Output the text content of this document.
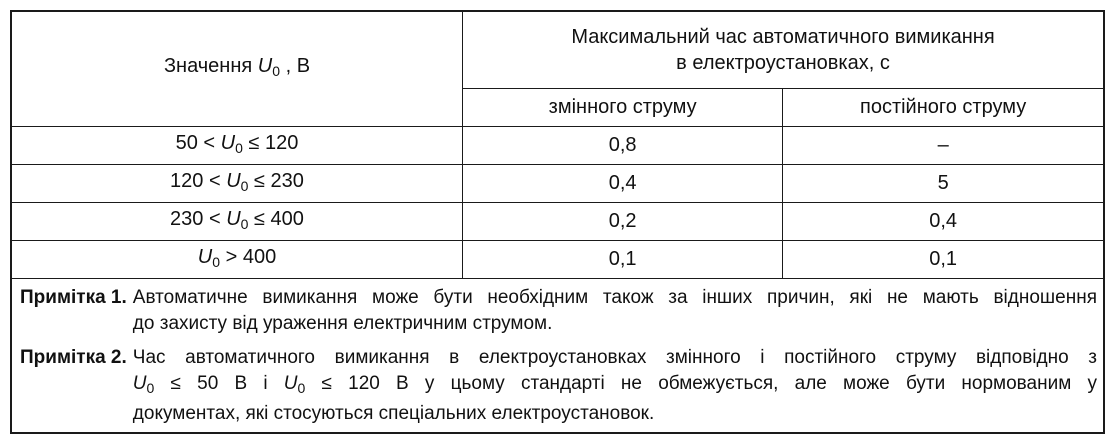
Значення $U_0$ , В	Максимальний час автоматичного вимикання
в електроустановках, с	

	змінного струму	постійного струму
$50 < U_0 \le 120$	0,8	–
$120 < U_0 \le 230$	0,4	5
$230 < U_0 \le 400$	0,2	0,4
$U_0 > 400$	0,1	0,1
Примітка 1. Автоматичне вимикання може бути необхідним також за інших причин, які не мають відношення
до захисту від ураження електричним струмом.
Примітка 2. Час автоматичного вимикання в електроустановках змінного і постійного струму відповідно з
$U_0 \le 50$ В і $U_0 \le 120$ В у цьому стандарті не обмежується, але може бути нормованим у
документах, які стосуються спеціальних електроустановок.
